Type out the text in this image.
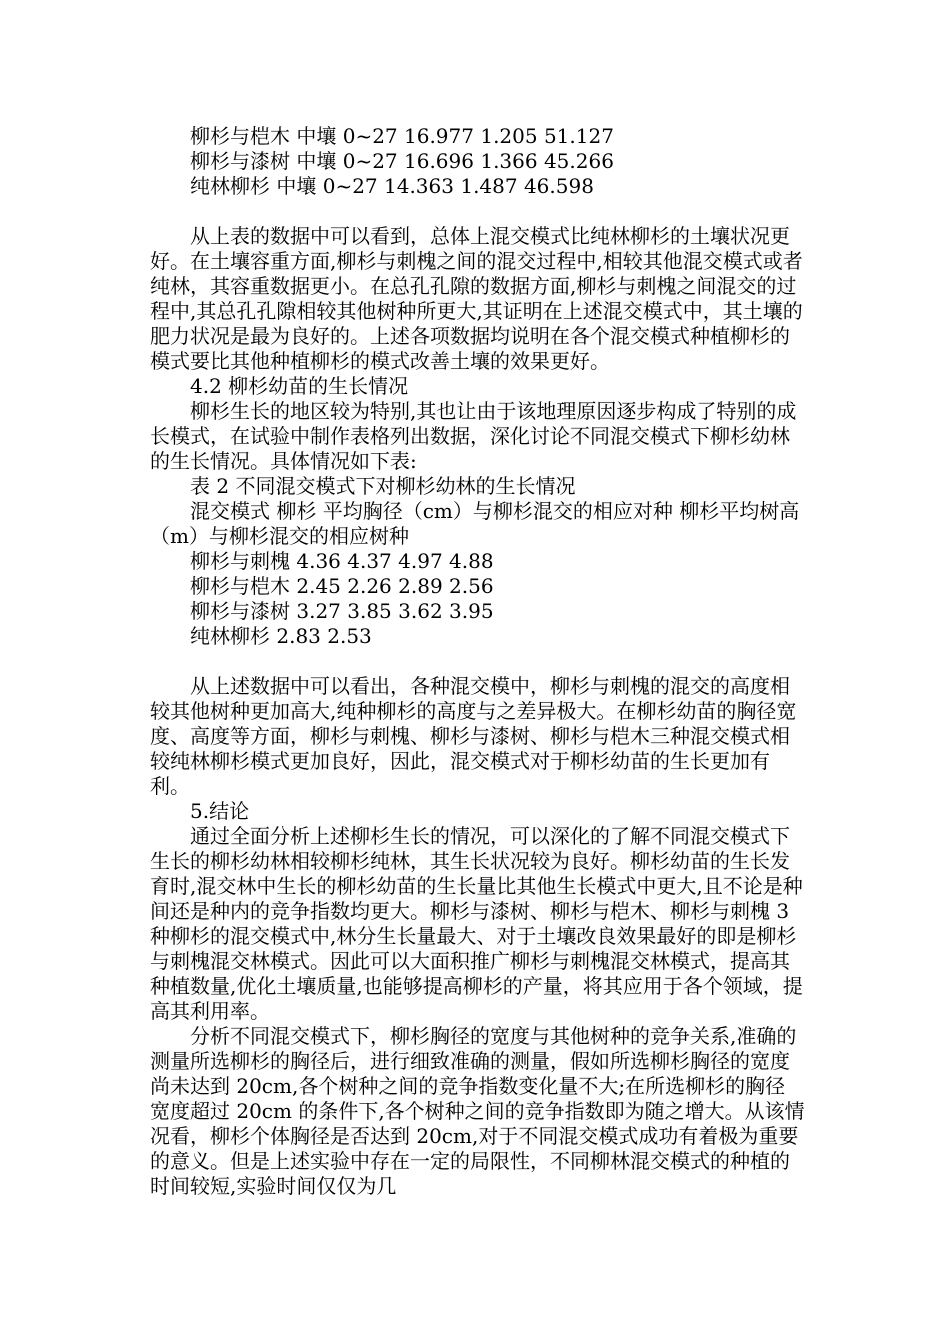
柳杉与桤木 中壤 0~27 16.977 1.205 51.127

柳杉与漆树 中壤 0~27 16.696 1.366 45.266

纯林柳杉 中壤 0~27 14.363 1.487 46.598

从上表的数据中可以看到，总体上混交模式比纯林柳杉的土壤状况更好。在土壤容重方面,柳杉与刺槐之间的混交过程中,相较其他混交模式或者纯林，其容重数据更小。在总孔孔隙的数据方面,柳杉与刺槐之间混交的过程中,其总孔孔隙相较其他树种所更大,其证明在上述混交模式中，其土壤的肥力状况是最为良好的。上述各项数据均说明在各个混交模式种植柳杉的模式要比其他种植柳杉的模式改善土壤的效果更好。

4.2 柳杉幼苗的生长情况

柳杉生长的地区较为特别,其也让由于该地理原因逐步构成了特别的成长模式，在试验中制作表格列出数据，深化讨论不同混交模式下柳杉幼林的生长情况。具体情况如下表:

表 2 不同混交模式下对柳杉幼林的生长情况

混交模式 柳杉 平均胸径（cm）与柳杉混交的相应对种 柳杉平均树高（m）与柳杉混交的相应树种

柳杉与刺槐 4.36 4.37 4.97 4.88

柳杉与桤木 2.45 2.26 2.89 2.56

柳杉与漆树 3.27 3.85 3.62 3.95

纯林柳杉 2.83 2.53

从上述数据中可以看出，各种混交模中，柳杉与刺槐的混交的高度相较其他树种更加高大,纯种柳杉的高度与之差异极大。在柳杉幼苗的胸径宽度、高度等方面，柳杉与刺槐、柳杉与漆树、柳杉与桤木三种混交模式相较纯林柳杉模式更加良好，因此，混交模式对于柳杉幼苗的生长更加有利。

5.结论

通过全面分析上述柳杉生长的情况，可以深化的了解不同混交模式下生长的柳杉幼林相较柳杉纯林，其生长状况较为良好。柳杉幼苗的生长发育时,混交林中生长的柳杉幼苗的生长量比其他生长模式中更大,且不论是种间还是种内的竞争指数均更大。柳杉与漆树、柳杉与桤木、柳杉与刺槐 3 种柳杉的混交模式中,林分生长量最大、对于土壤改良效果最好的即是柳杉与刺槐混交林模式。因此可以大面积推广柳杉与刺槐混交林模式，提高其种植数量,优化土壤质量,也能够提高柳杉的产量，将其应用于各个领域，提高其利用率。

分析不同混交模式下，柳杉胸径的宽度与其他树种的竞争关系,准确的测量所选柳杉的胸径后，进行细致准确的测量，假如所选柳杉胸径的宽度尚未达到 20cm,各个树种之间的竞争指数变化量不大;在所选柳杉的胸径宽度超过 20cm 的条件下,各个树种之间的竞争指数即为随之增大。从该情况看，柳杉个体胸径是否达到 20cm,对于不同混交模式成功有着极为重要的意义。但是上述实验中存在一定的局限性，不同柳林混交模式的种植的时间较短,实验时间仅仅为几
